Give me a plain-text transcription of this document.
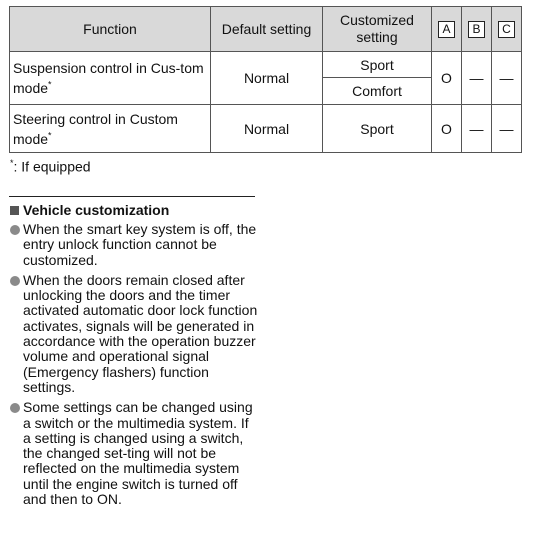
Function	Default setting	Customized setting	A	B	C
Suspension control in Cus-tom mode*	Normal	Sport	O	—	—
		Comfort			
Steering control in Custom mode*	Normal	Sport	O	—	—
*: If equipped
Vehicle customization
When the smart key system is off, the entry unlock function cannot be customized.
When the doors remain closed after unlocking the doors and the timer activated automatic door lock function activates, signals will be generated in accordance with the operation buzzer volume and operational signal (Emergency flashers) function settings.
Some settings can be changed using a switch or the multimedia system. If a setting is changed using a switch, the changed set-ting will not be reflected on the multimedia system until the engine switch is turned off and then to ON.
